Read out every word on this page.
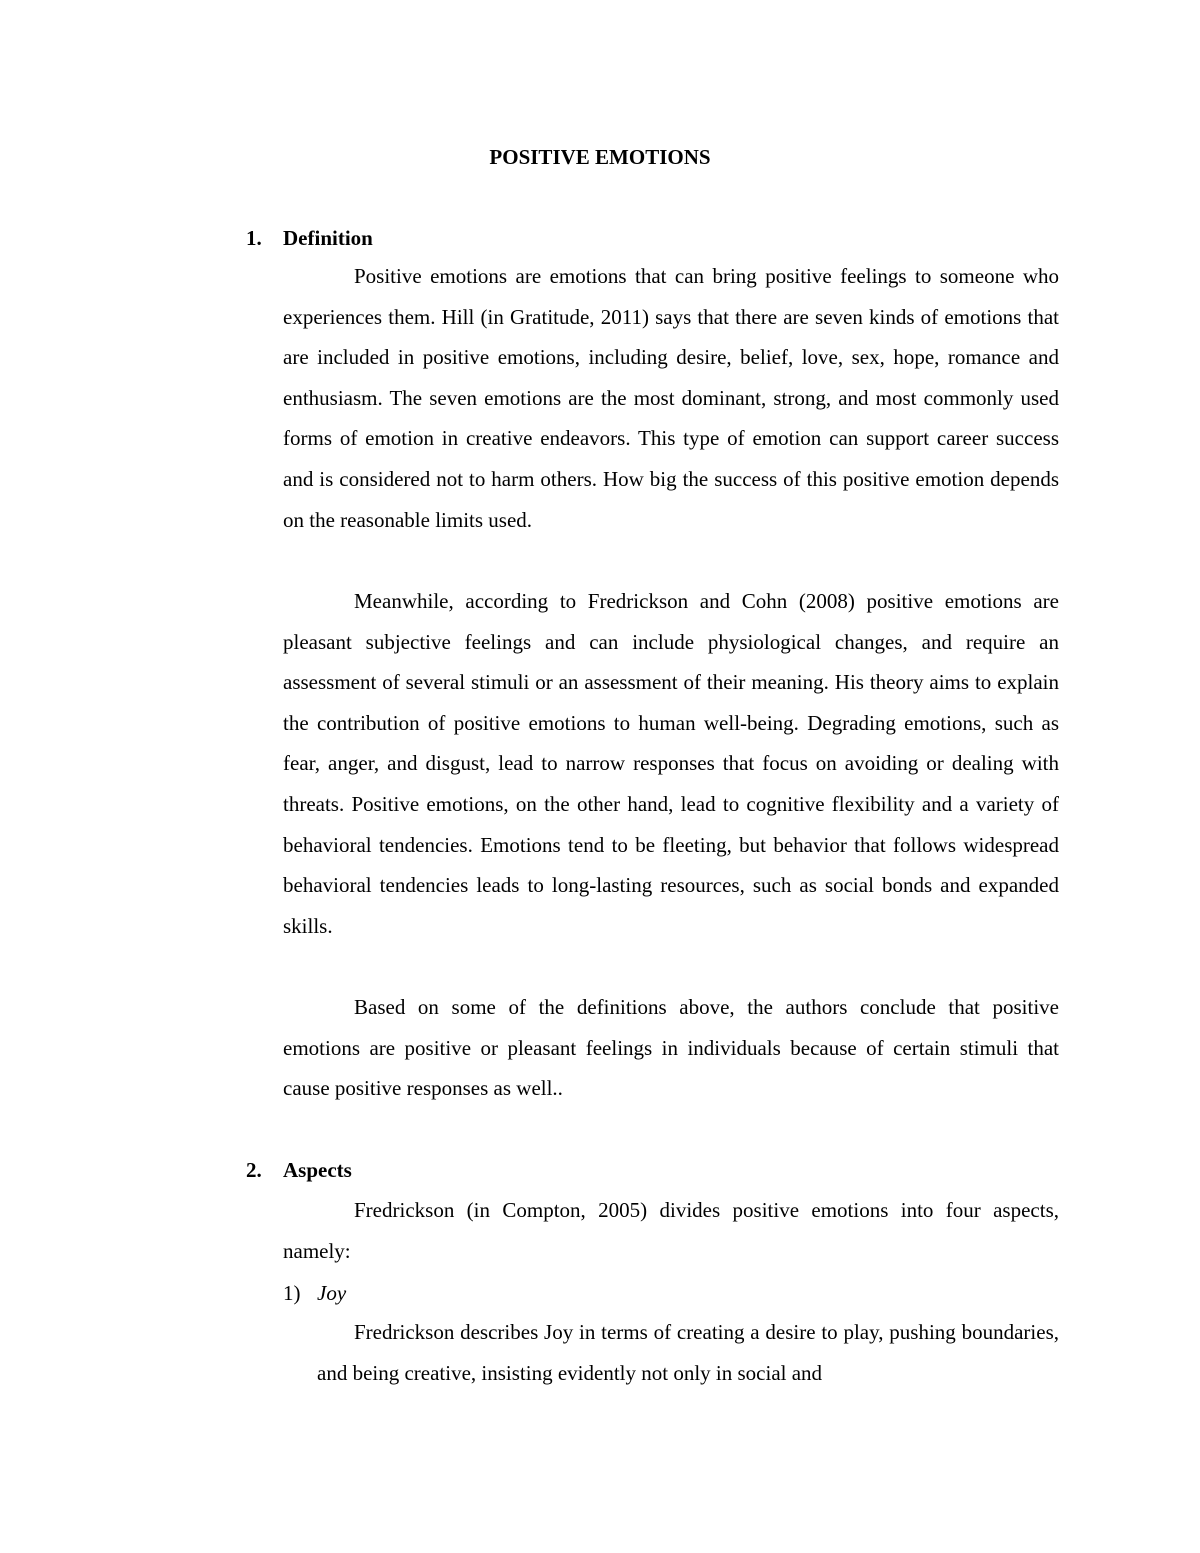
POSITIVE EMOTIONS
1. Definition

Positive emotions are emotions that can bring positive feelings to someone who experiences them. Hill (in Gratitude, 2011) says that there are seven kinds of emotions that are included in positive emotions, including desire, belief, love, sex, hope, romance and enthusiasm. The seven emotions are the most dominant, strong, and most commonly used forms of emotion in creative endeavors. This type of emotion can support career success and is considered not to harm others. How big the success of this positive emotion depends on the reasonable limits used.

Meanwhile, according to Fredrickson and Cohn (2008) positive emotions are pleasant subjective feelings and can include physiological changes, and require an assessment of several stimuli or an assessment of their meaning. His theory aims to explain the contribution of positive emotions to human well-being. Degrading emotions, such as fear, anger, and disgust, lead to narrow responses that focus on avoiding or dealing with threats. Positive emotions, on the other hand, lead to cognitive flexibility and a variety of behavioral tendencies. Emotions tend to be fleeting, but behavior that follows widespread behavioral tendencies leads to long-lasting resources, such as social bonds and expanded skills.

Based on some of the definitions above, the authors conclude that positive emotions are positive or pleasant feelings in individuals because of certain stimuli that cause positive responses as well..

2. Aspects

Fredrickson (in Compton, 2005) divides positive emotions into four aspects, namely:

1) Joy

Fredrickson describes Joy in terms of creating a desire to play, pushing boundaries, and being creative, insisting evidently not only in social and
